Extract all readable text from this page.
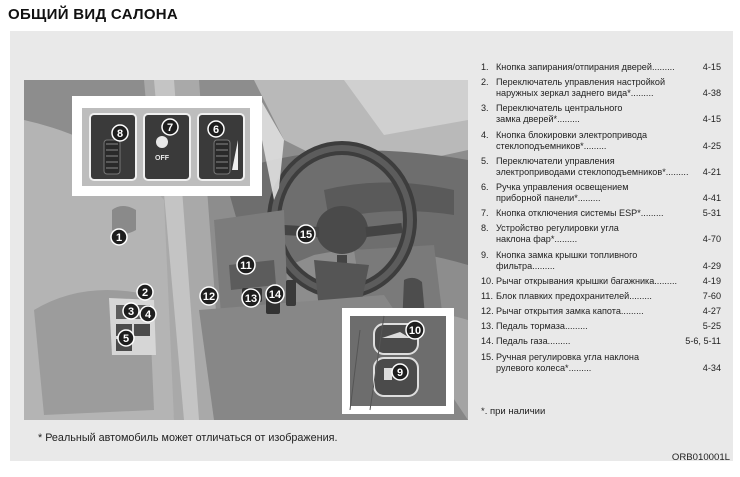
ОБЩИЙ ВИД САЛОНА
OFF
1
2
3 4
5
6
7
8
9
10
11
12	13 14
15
1. Кнопка запирания/отпирания дверей.........	4-15
2. Переключатель управления настройкой
наружных зеркал заднего вида*.........	4-38
3. Переключатель центрального
замка дверей*.........	4-15
4. Кнопка блокировки электропривода
стеклоподъемников*.........	4-25
5. Переключатели управления
электроприводами стеклоподъемников*.........	4-21
6. Ручка управления освещением
приборной панели*.........	4-41
7. Кнопка отключения системы ESP*.........	5-31
8. Устройство регулировки угла
наклона фар*.........	4-70
9. Кнопка замка крышки топливного
фильтра.........	4-29
10. Рычаг открывания крышки багажника.........	4-19
11. Блок плавких предохранителей.........	7-60
12. Рычаг открытия замка капота.........	4-27
13. Педаль тормаза.........	5-25
14. Педаль газа.........	5-6, 5-11
15. Ручная регулировка угла наклона
рулевого колеса*.........	4-34
*. при наличии
* Реальный автомобиль может отличаться от изображения.
ORB010001L
